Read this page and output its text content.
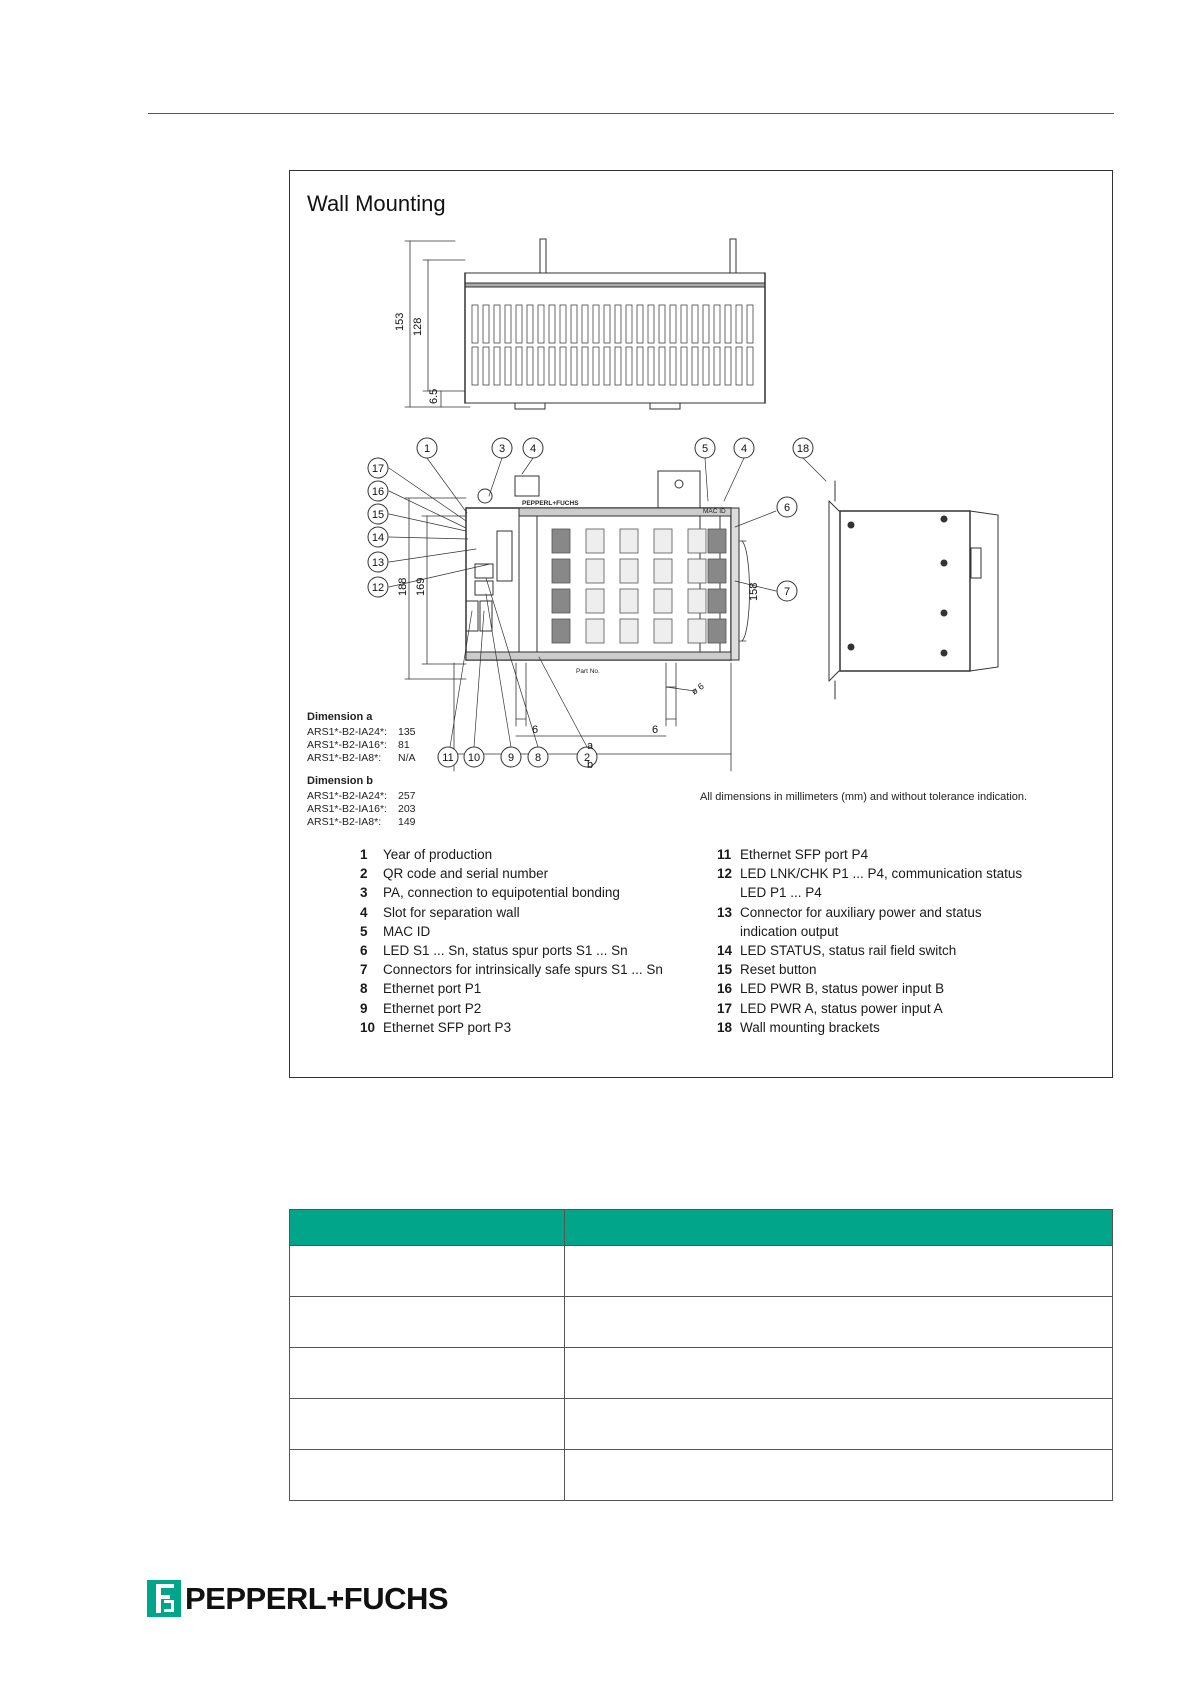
Wall Mounting
153 128
6.5
188 169	158
6	6
a
b
ø 6
PEPPERL+FUCHS
MAC ID
Part No.
1	3 4	5	4	18
17
16
15
14
13
12
6
7
11 10	9 8	2
Dimension a
ARS1*-B2-IA24*:	135
ARS1*-B2-IA16*:	81
ARS1*-B2-IA8*:	N/A
Dimension b
ARS1*-B2-IA24*:	257
ARS1*-B2-IA16*:	203
ARS1*-B2-IA8*:	149
All dimensions in millimeters (mm) and without tolerance indication.
1	Year of production
2	QR code and serial number
3	PA, connection to equipotential bonding
4	Slot for separation wall
5	MAC ID
6	LED S1 ... Sn, status spur ports S1 ... Sn
7	Connectors for intrinsically safe spurs S1 ... Sn
8	Ethernet port P1
9	Ethernet port P2
10 Ethernet SFP port P3
11 Ethernet SFP port P4
12 LED LNK/CHK P1 ... P4, communication status
LED P1 ... P4
13 Connector for auxiliary power and status
indication output
14 LED STATUS, status rail field switch
15 Reset button
16 LED PWR B, status power input B
17 LED PWR A, status power input A
18 Wall mounting brackets

PEPPERL+FUCHS
